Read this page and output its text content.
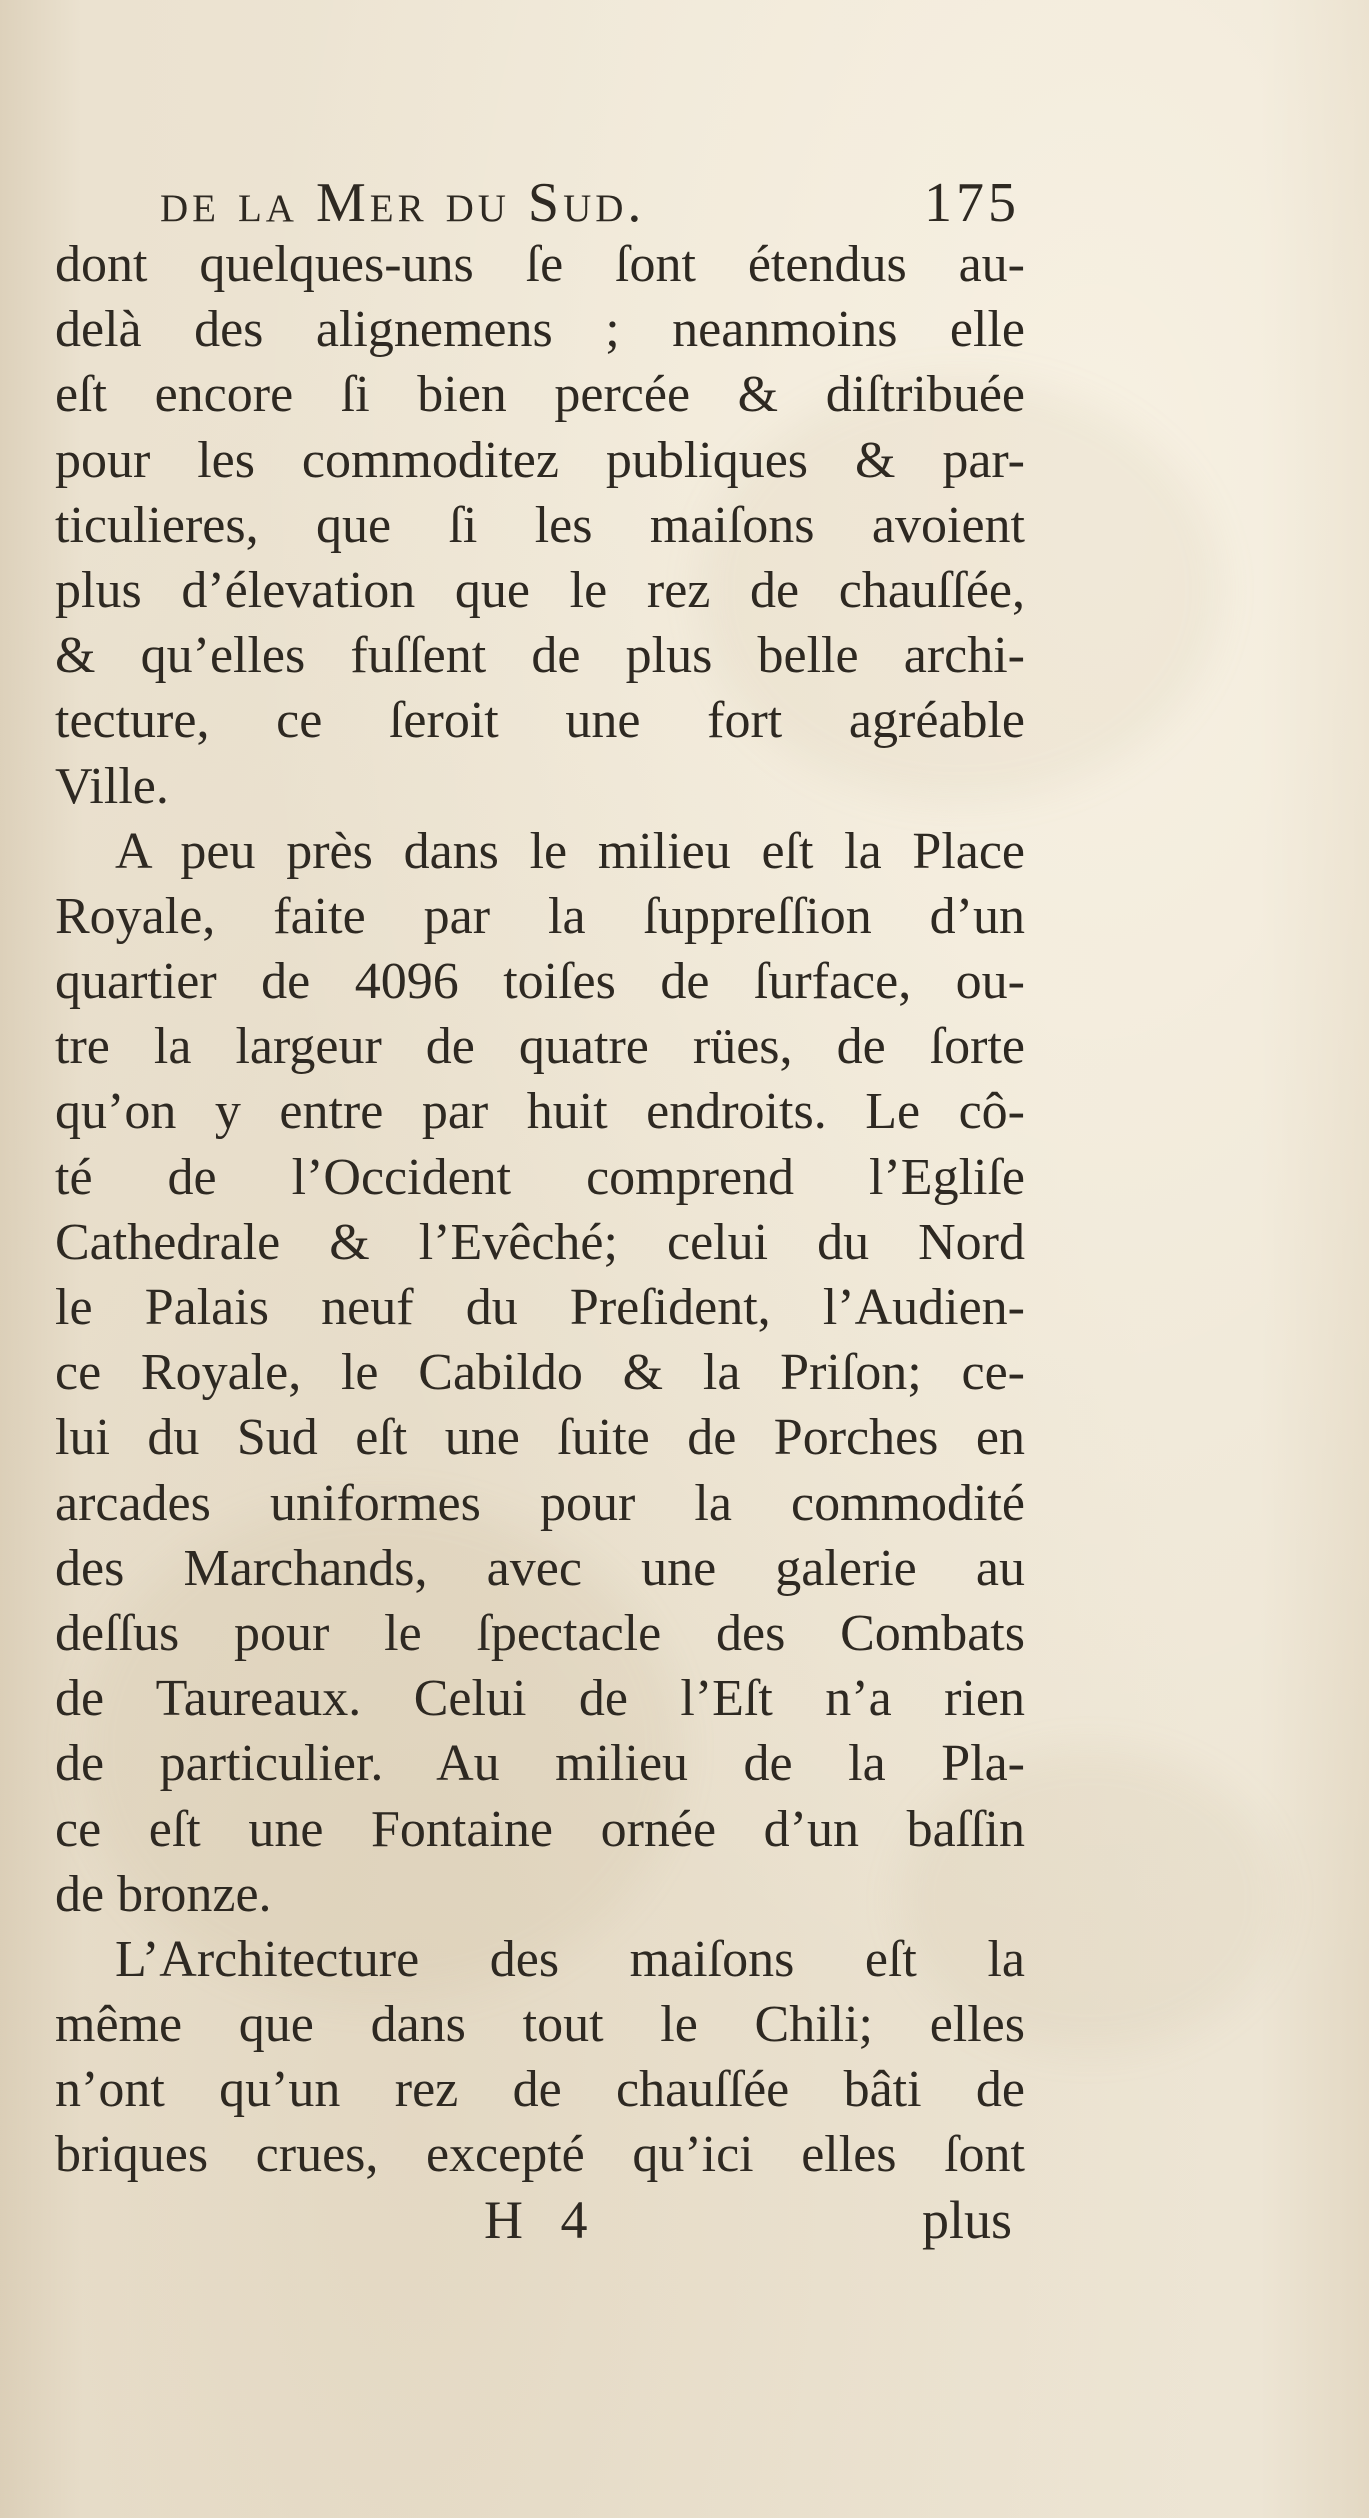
de la Mer du Sud.	175
dont quelques-uns ſe ſont étendus au-
delà des alignemens ; neanmoins elle
eſt encore ſi bien percée & diſtribuée
pour les commoditez publiques & par-
ticulieres, que ſi les maiſons avoient
plus d’élevation que le rez de chauſſée,
& qu’elles fuſſent de plus belle archi-
tecture, ce ſeroit une fort agréable
Ville.
A peu près dans le milieu eſt la Place
Royale, faite par la ſuppreſſion d’un
quartier de 4096 toiſes de ſurface, ou-
tre la largeur de quatre rües, de ſorte
qu’on y entre par huit endroits. Le cô-
té de l’Occident comprend l’Egliſe
Cathedrale & l’Evêché; celui du Nord
le Palais neuf du Preſident, l’Audien-
ce Royale, le Cabildo & la Priſon; ce-
lui du Sud eſt une ſuite de Porches en
arcades uniformes pour la commodité
des Marchands, avec une galerie au
deſſus pour le ſpectacle des Combats
de Taureaux. Celui de l’Eſt n’a rien
de particulier. Au milieu de la Pla-
ce eſt une Fontaine ornée d’un baſſin
de bronze.
L’Architecture des maiſons eſt la
même que dans tout le Chili; elles
n’ont qu’un rez de chauſſée bâti de
briques crues, excepté qu’ici elles ſont
H 4	plus
